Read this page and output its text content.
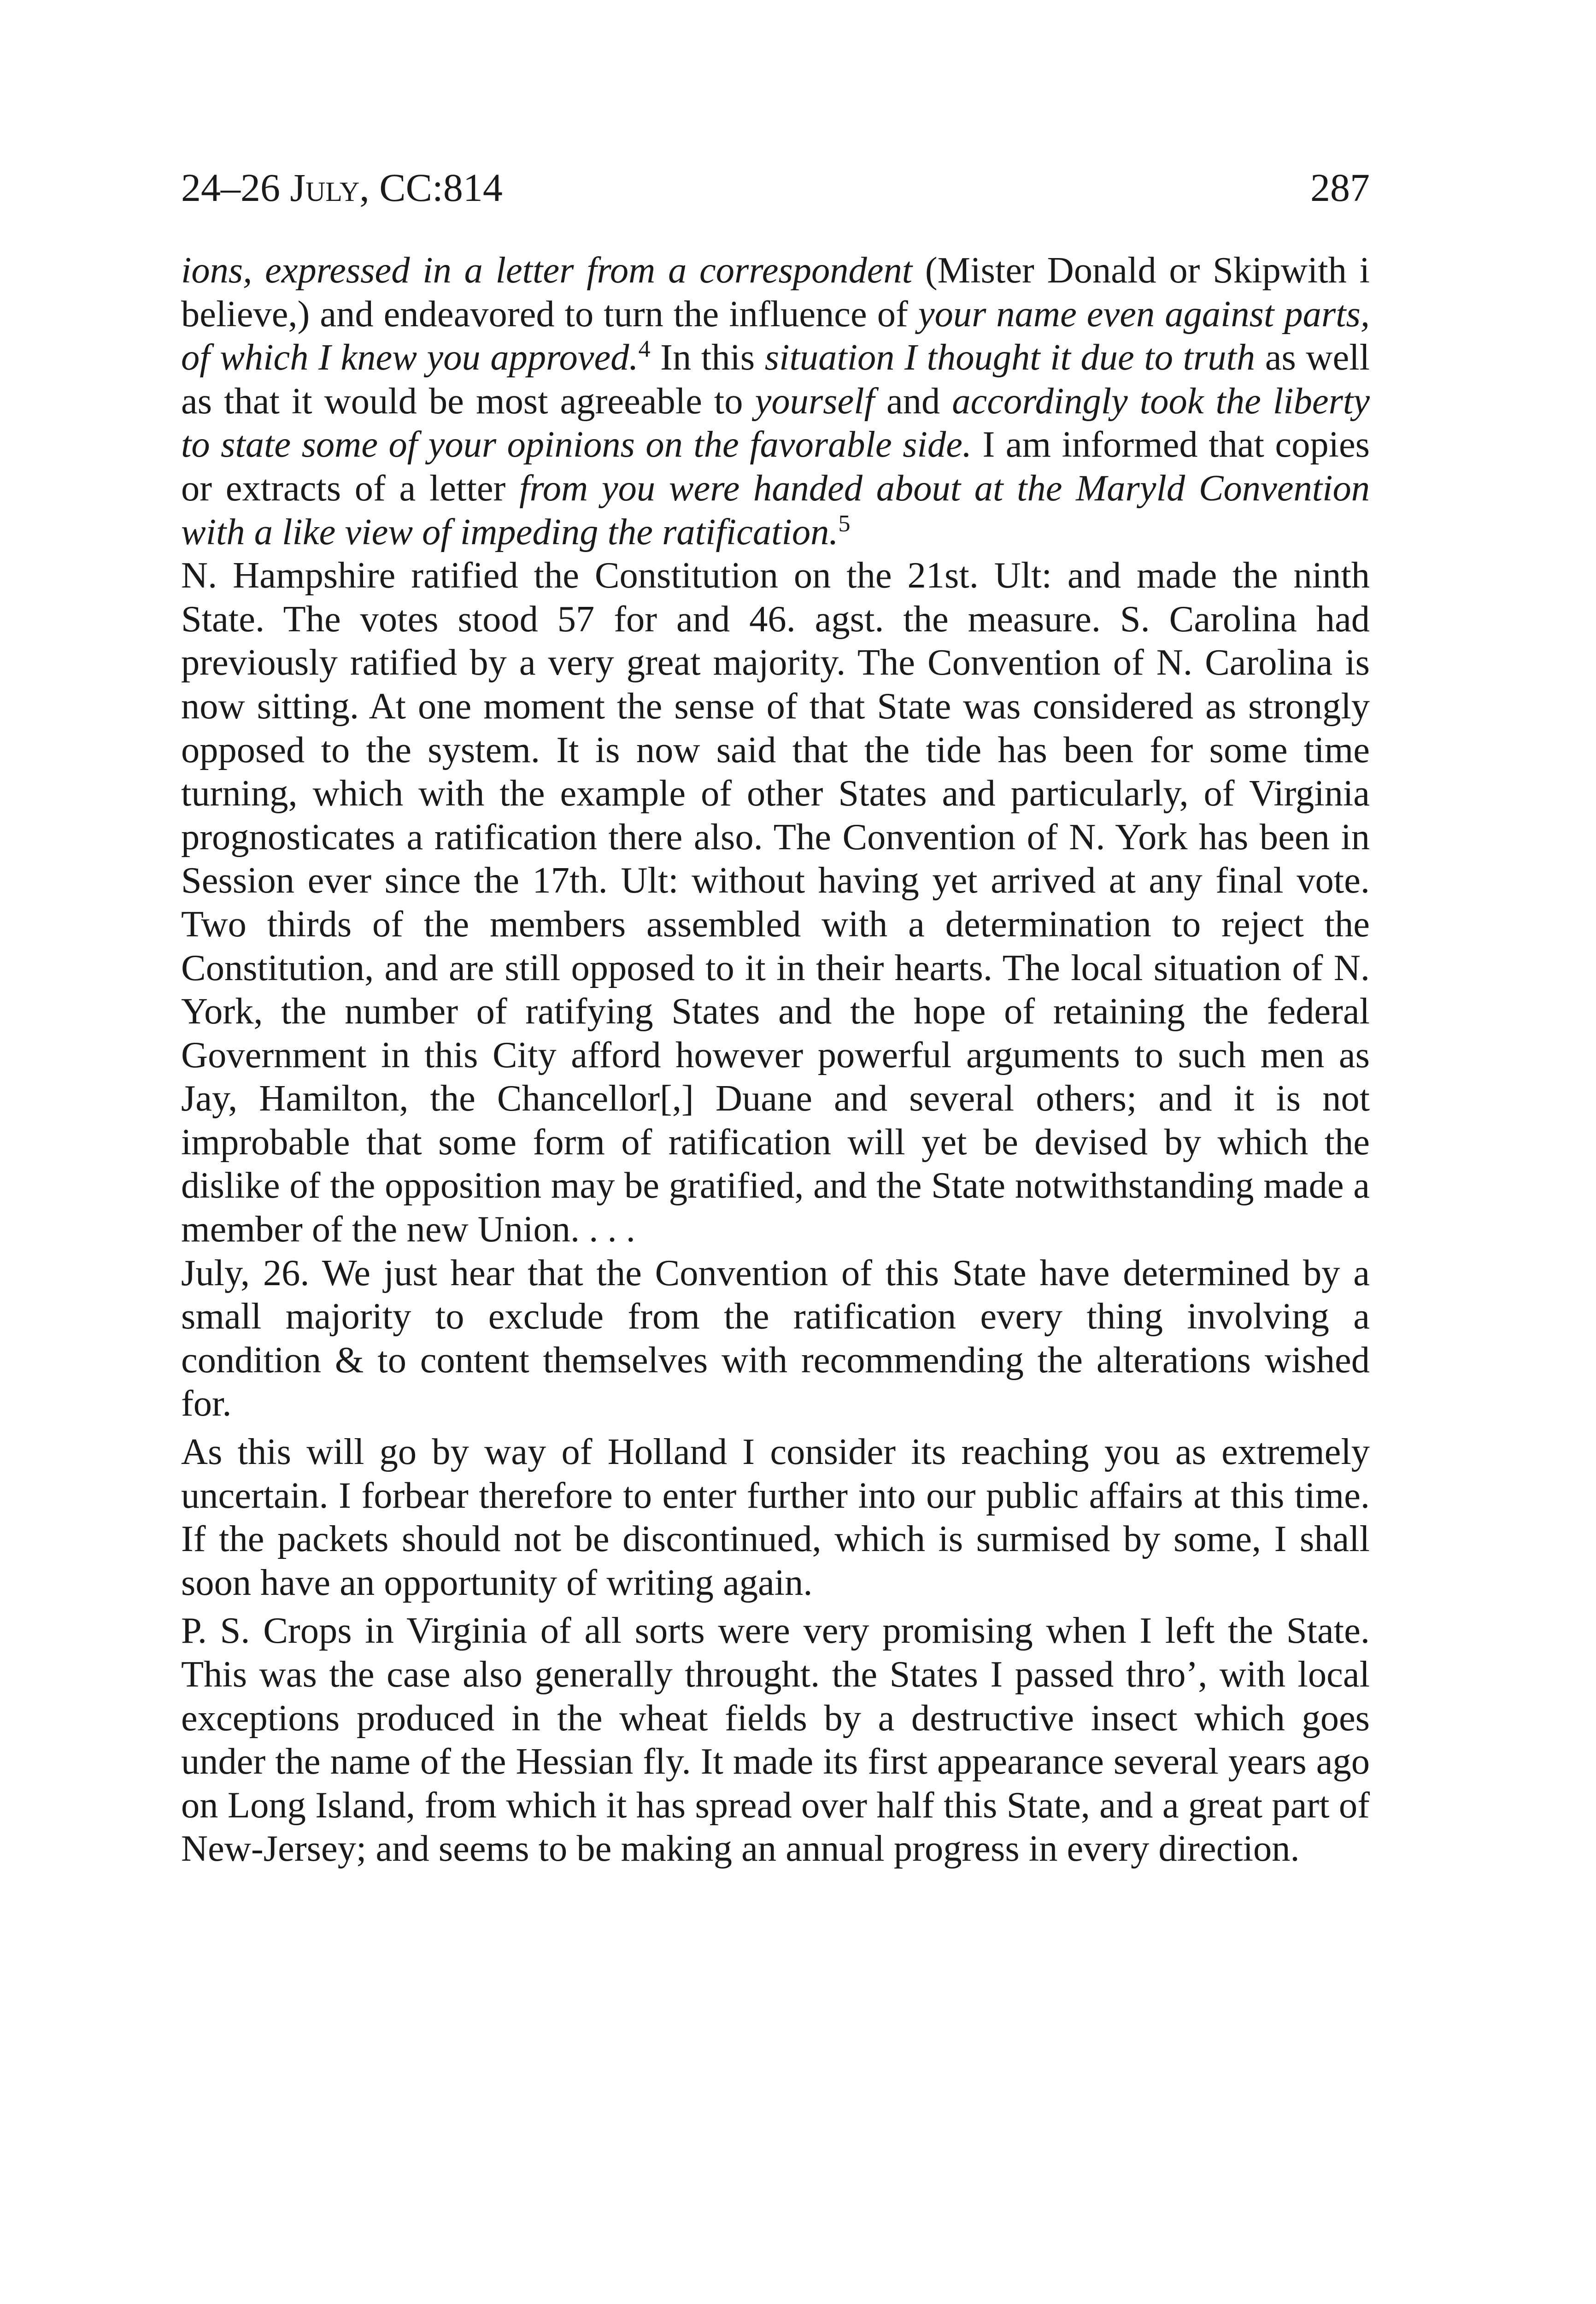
24–26 July, CC:814	287

ions, expressed in a letter from a correspondent (Mister Donald or Skipwith i believe,) and endeavored to turn the influence of your name even against parts, of which I knew you approved.$^4$ In this situation I thought it due to truth as well as that it would be most agreeable to yourself and accordingly took the liberty to state some of your opinions on the favorable side. I am informed that copies or extracts of a letter from you were handed about at the Maryld Convention with a like view of impeding the ratification.$^5$

N. Hampshire ratified the Constitution on the 21st. Ult: and made the ninth State. The votes stood 57 for and 46. agst. the measure. S. Carolina had previously ratified by a very great majority. The Convention of N. Carolina is now sitting. At one moment the sense of that State was considered as strongly opposed to the system. It is now said that the tide has been for some time turning, which with the example of other States and particularly, of Virginia prognosticates a ratification there also. The Convention of N. York has been in Session ever since the 17th. Ult: without having yet arrived at any final vote. Two thirds of the members assembled with a determination to reject the Constitution, and are still opposed to it in their hearts. The local situation of N. York, the number of ratifying States and the hope of retaining the federal Government in this City afford however powerful arguments to such men as Jay, Hamilton, the Chancellor[,] Duane and several others; and it is not improbable that some form of ratification will yet be devised by which the dislike of the opposition may be gratified, and the State notwithstanding made a member of the new Union. . . .

July, 26. We just hear that the Convention of this State have determined by a small majority to exclude from the ratification every thing involving a condition & to content themselves with recommending the alterations wished for.

As this will go by way of Holland I consider its reaching you as extremely uncertain. I forbear therefore to enter further into our public affairs at this time. If the packets should not be discontinued, which is surmised by some, I shall soon have an opportunity of writing again.

P. S. Crops in Virginia of all sorts were very promising when I left the State. This was the case also generally throught. the States I passed thro’, with local exceptions produced in the wheat fields by a destructive insect which goes under the name of the Hessian fly. It made its first appearance several years ago on Long Island, from which it has spread over half this State, and a great part of New-Jersey; and seems to be making an annual progress in every direction.
